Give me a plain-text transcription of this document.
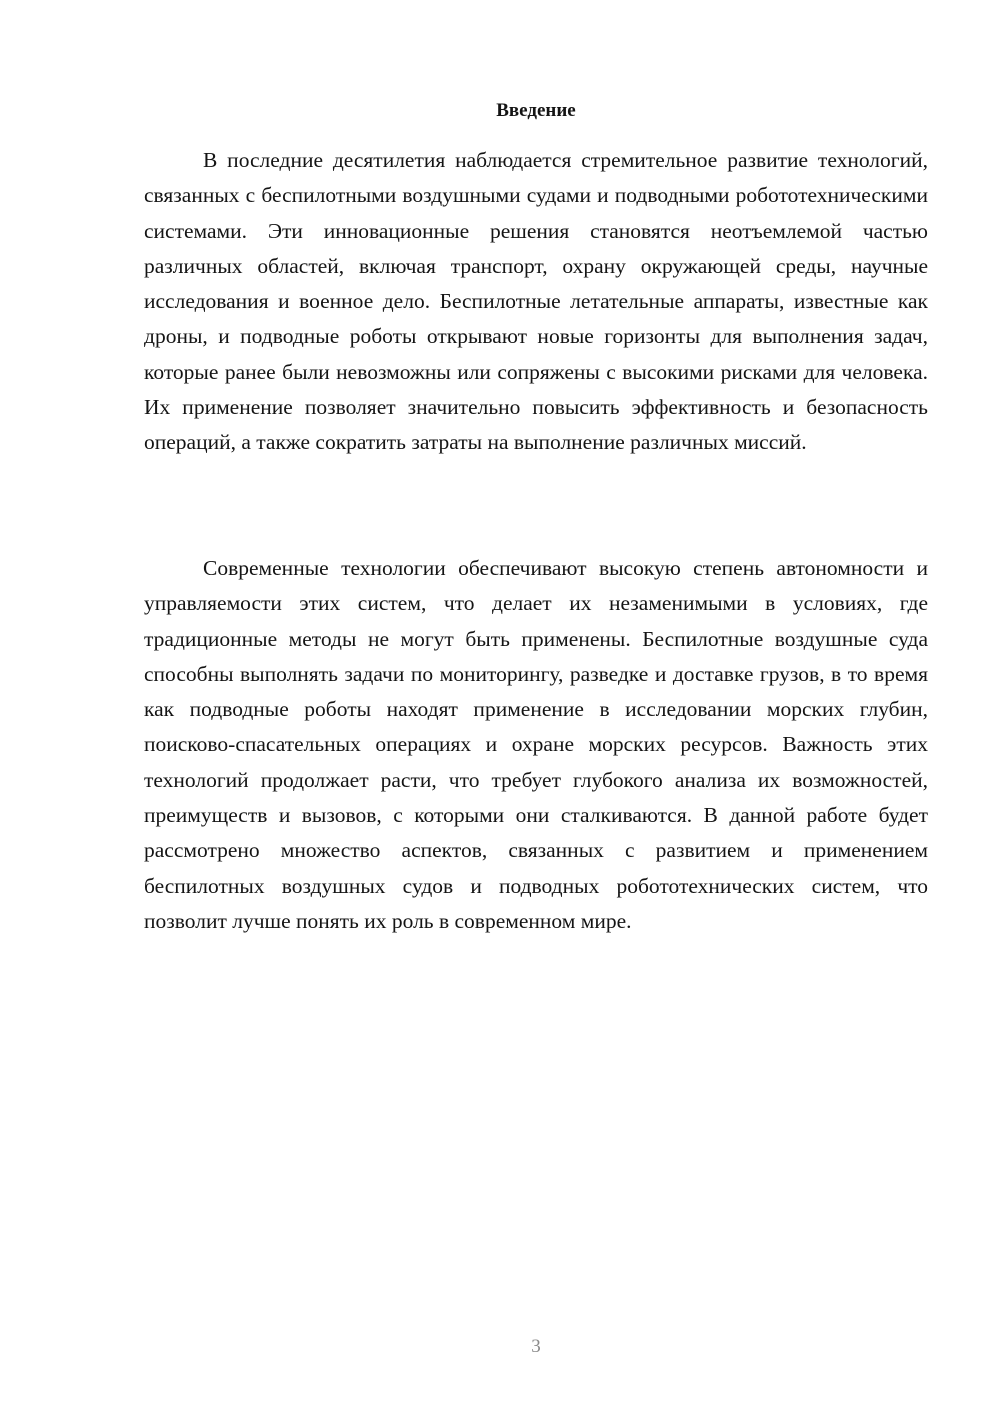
Введение

В последние десятилетия наблюдается стремительное развитие технологий, связанных с беспилотными воздушными судами и подводными робототехническими системами. Эти инновационные решения становятся неотъемлемой частью различных областей, включая транспорт, охрану окружающей среды, научные исследования и военное дело. Беспилотные летательные аппараты, известные как дроны, и подводные роботы открывают новые горизонты для выполнения задач, которые ранее были невозможны или сопряжены с высокими рисками для человека. Их применение позволяет значительно повысить эффективность и безопасность операций, а также сократить затраты на выполнение различных миссий.

Современные технологии обеспечивают высокую степень автономности и управляемости этих систем, что делает их незаменимыми в условиях, где традиционные методы не могут быть применены. Беспилотные воздушные суда способны выполнять задачи по мониторингу, разведке и доставке грузов, в то время как подводные роботы находят применение в исследовании морских глубин, поисково-спасательных операциях и охране морских ресурсов. Важность этих технологий продолжает расти, что требует глубокого анализа их возможностей, преимуществ и вызовов, с которыми они сталкиваются. В данной работе будет рассмотрено множество аспектов, связанных с развитием и применением беспилотных воздушных судов и подводных робототехнических систем, что позволит лучше понять их роль в современном мире.

3
